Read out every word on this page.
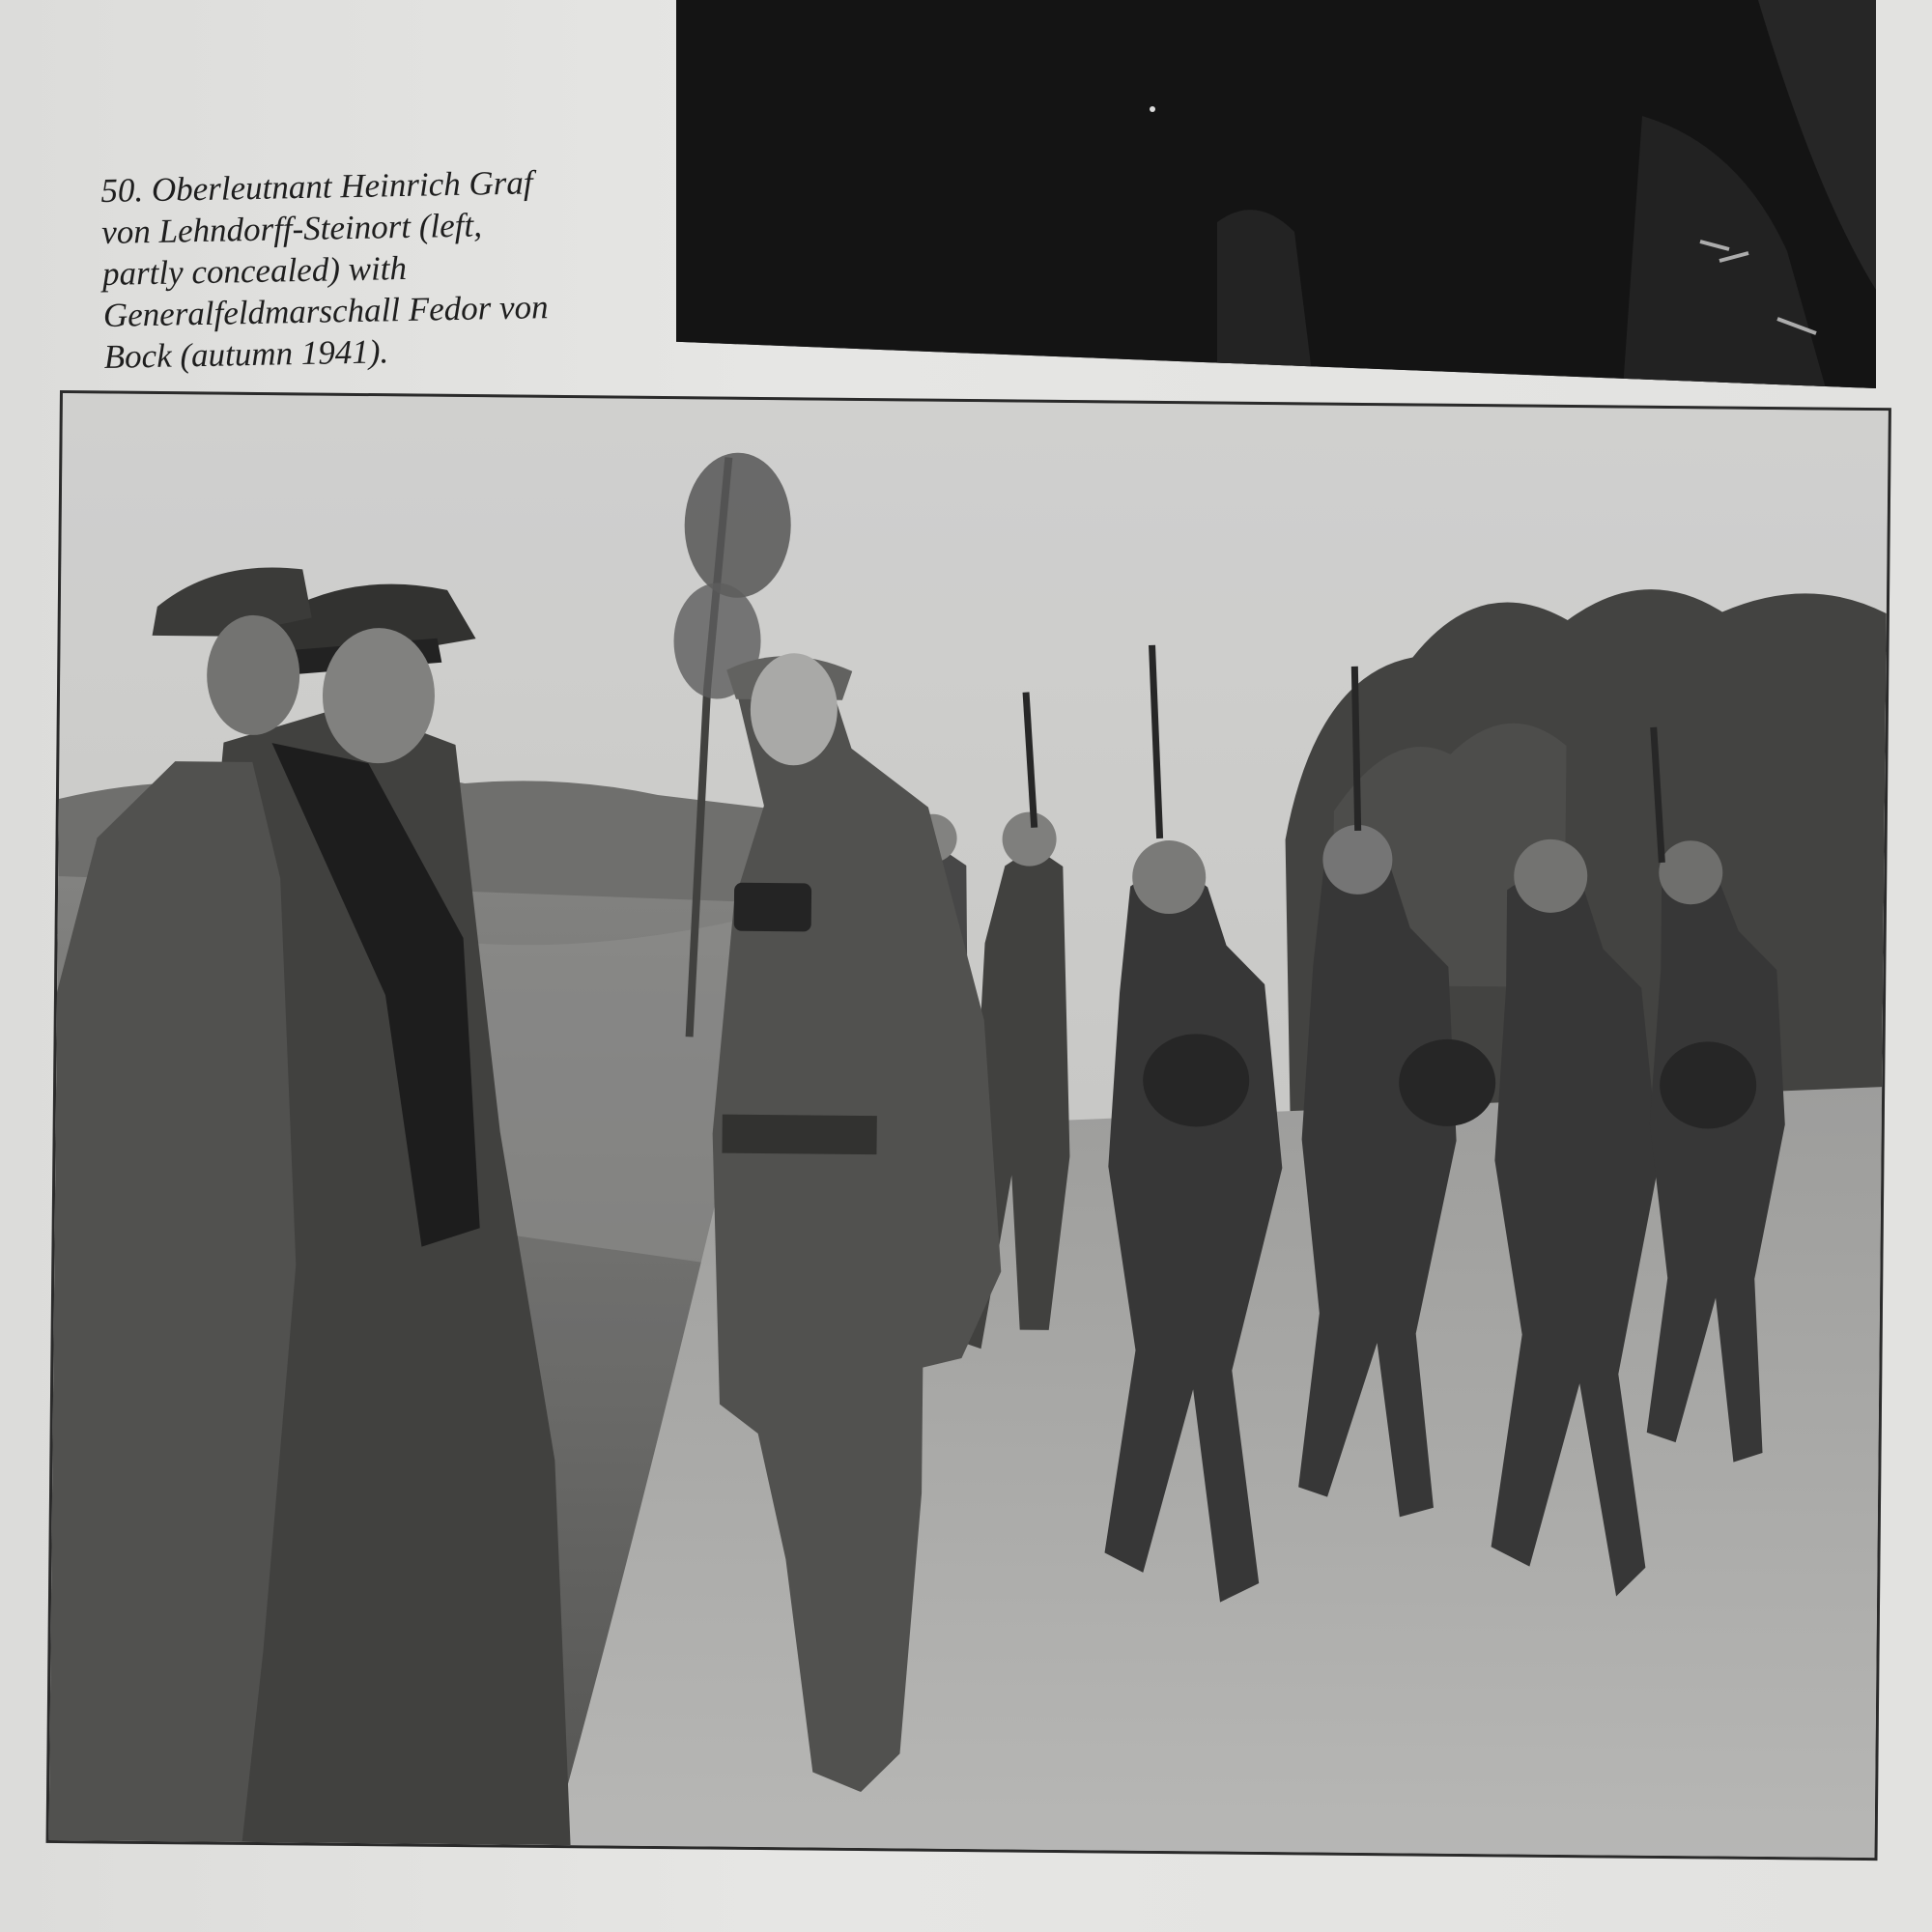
50. Oberleutnant Heinrich Graf
von Lehndorff-Steinort (left,
partly concealed) with
Generalfeldmarschall Fedor von
Bock (autumn 1941).
